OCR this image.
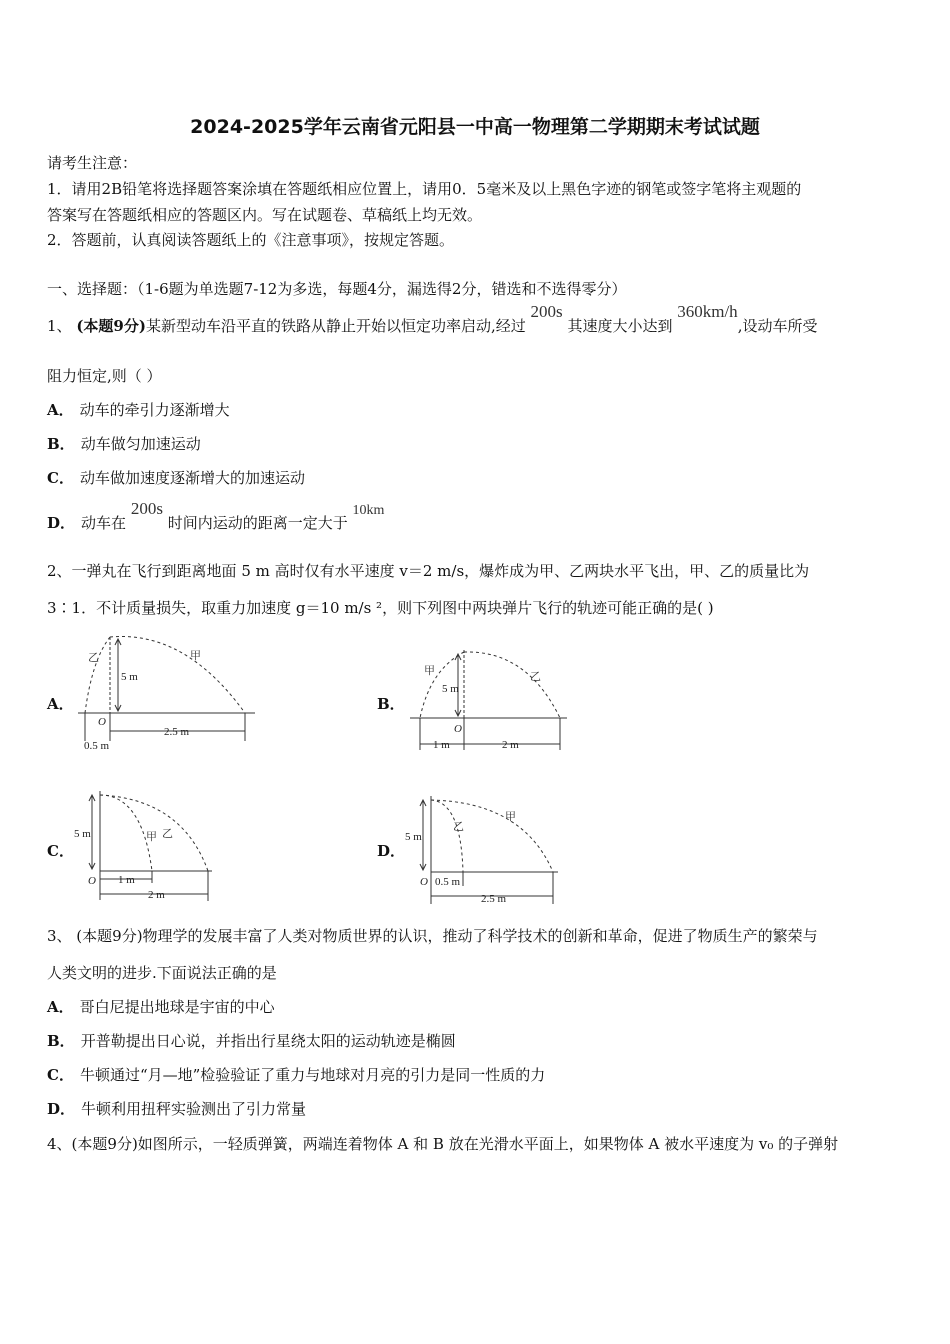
2024-2025学年云南省元阳县一中高一物理第二学期期末考试试题
请考生注意：
1．请用2B铅笔将选择题答案涂填在答题纸相应位置上，请用0．5毫米及以上黑色字迹的钢笔或签字笔将主观题的
答案写在答题纸相应的答题区内。写在试题卷、草稿纸上均无效。
2．答题前，认真阅读答题纸上的《注意事项》，按规定答题。
一、选择题：（1-6题为单选题7-12为多选，每题4分，漏选得2分，错选和不选得零分）
1、 (本题9分)某新型动车沿平直的铁路从静止开始以恒定功率启动,经过 200s 其速度大小达到 360km/h,设动车所受
阻力恒定,则（ ）
A． 动车的牵引力逐渐增大
B． 动车做匀加速运动
C． 动车做加速度逐渐增大的加速运动
D． 动车在 200s 时间内运动的距离一定大于 10km
2、一弹丸在飞行到距离地面 5 m 高时仅有水平速度 v＝2 m/s，爆炸成为甲、乙两块水平飞出，甲、乙的质量比为
3∶1．不计质量损失，取重力加速度 g＝10 m/s ²，则下列图中两块弹片飞行的轨迹可能正确的是( )
A．	B．
C．	D．
乙	甲
5 m
O
0.5 m
2.5 m
甲	乙
5 m
O
1 m	2 m
乙
甲
5 m
O 1 m
2 m
乙
甲
5 m
O 0.5 m
2.5 m
3、 (本题9分)物理学的发展丰富了人类对物质世界的认识，推动了科学技术的创新和革命，促进了物质生产的繁荣与
人类文明的进步.下面说法正确的是
A． 哥白尼提出地球是宇宙的中心
B． 开普勒提出日心说，并指出行星绕太阳的运动轨迹是椭圆
C． 牛顿通过“月—地”检验验证了重力与地球对月亮的引力是同一性质的力
D． 牛顿利用扭秤实验测出了引力常量
4、(本题9分)如图所示，一轻质弹簧，两端连着物体 A 和 B 放在光滑水平面上，如果物体 A 被水平速度为 v₀ 的子弹射
